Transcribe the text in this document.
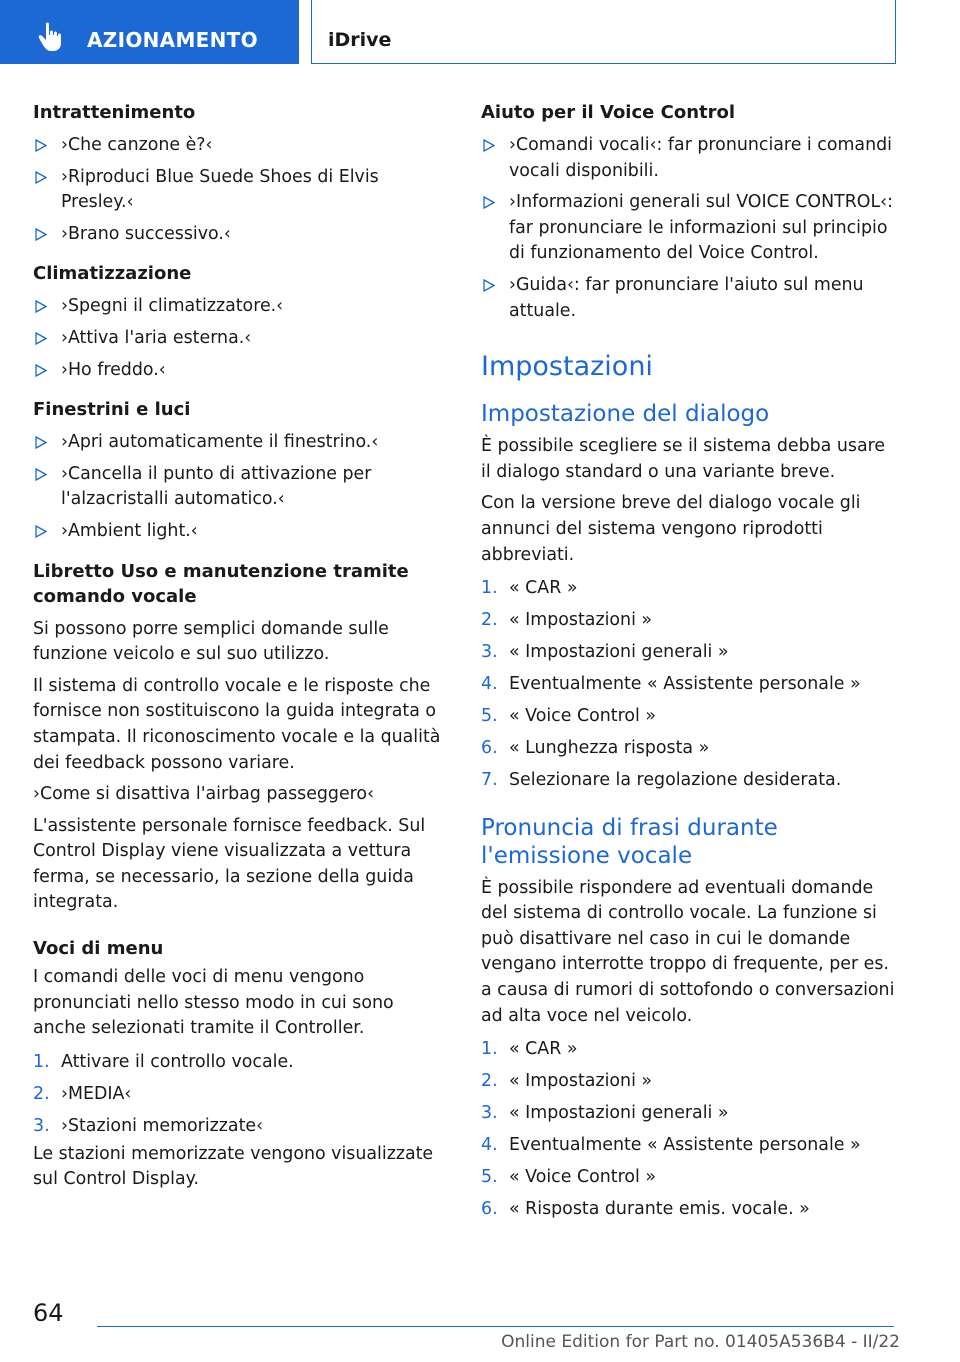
AZIONAMENTO	iDrive
Intrattenimento
›Che canzone è?‹
›Riproduci Blue Suede Shoes di Elvis Presley.‹
›Brano successivo.‹
Climatizzazione
›Spegni il climatizzatore.‹
›Attiva l'aria esterna.‹
›Ho freddo.‹
Finestrini e luci
›Apri automaticamente il finestrino.‹
›Cancella il punto di attivazione per l'alzacristalli automatico.‹
›Ambient light.‹
Libretto Uso e manutenzione tramite comando vocale

Si possono porre semplici domande sulle funzione veicolo e sul suo utilizzo.

Il sistema di controllo vocale e le risposte che fornisce non sostituiscono la guida integrata o stampata. Il riconoscimento vocale e la qualità dei feedback possono variare.

›Come si disattiva l'airbag passeggero‹

L'assistente personale fornisce feedback. Sul Control Display viene visualizzata a vettura ferma, se necessario, la sezione della guida integrata.

Voci di menu

I comandi delle voci di menu vengono pronunciati nello stesso modo in cui sono anche selezionati tramite il Controller.

1. Attivare il controllo vocale.
2. ›MEDIA‹
3. ›Stazioni memorizzate‹

Le stazioni memorizzate vengono visualizzate sul Control Display.

Aiuto per il Voice Control
›Comandi vocali‹: far pronunciare i comandi vocali disponibili.
›Informazioni generali sul VOICE CONTROL‹: far pronunciare le informazioni sul principio di funzionamento del Voice Control.
›Guida‹: far pronunciare l'aiuto sul menu attuale.
Impostazioni
Impostazione del dialogo

È possibile scegliere se il sistema debba usare il dialogo standard o una variante breve.

Con la versione breve del dialogo vocale gli annunci del sistema vengono riprodotti abbreviati.

1. « CAR »
2. « Impostazioni »
3. « Impostazioni generali »
4. Eventualmente « Assistente personale »
5. « Voice Control »
6. « Lunghezza risposta »
7. Selezionare la regolazione desiderata.
Pronuncia di frasi durante l'emissione vocale

È possibile rispondere ad eventuali domande del sistema di controllo vocale. La funzione si può disattivare nel caso in cui le domande vengano interrotte troppo di frequente, per es. a causa di rumori di sottofondo o conversazioni ad alta voce nel veicolo.

1. « CAR »
2. « Impostazioni »
3. « Impostazioni generali »
4. Eventualmente « Assistente personale »
5. « Voice Control »
6. « Risposta durante emis. vocale. »
64
Online Edition for Part no. 01405A536B4 - II/22
